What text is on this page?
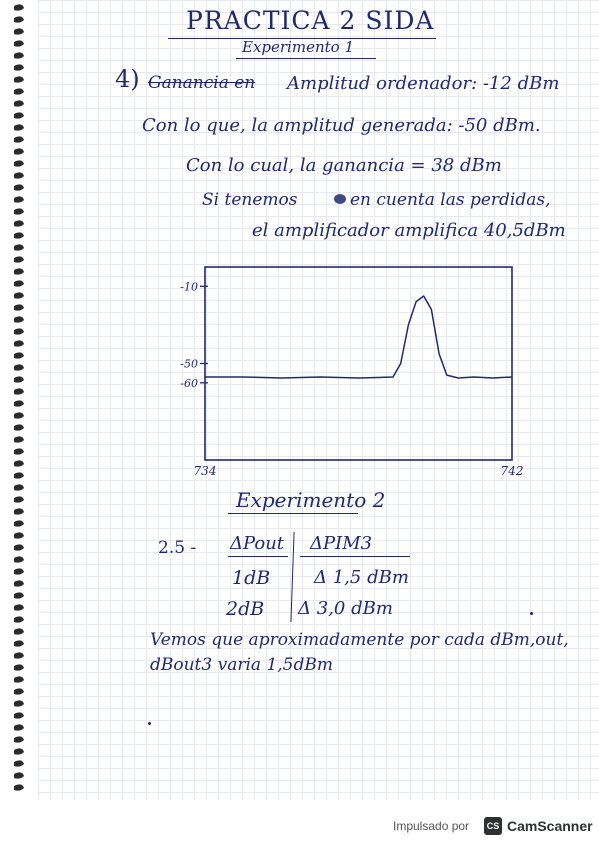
PRACTICA 2 SIDA
Experimento 1
4) Ganancia en Amplitud ordenador: -12 dBm
Con lo que, la amplitud generada: -50 dBm.
Con lo cual, la ganancia = 38 dBm
Si tenemos	en cuenta las perdidas,
el amplificador amplifica 40,5dBm
-10
-50
-60
734	742
Experimento 2
2.5 - ΔPout ΔPIM3
1dB Δ 1,5 dBm
2dB Δ 3,0 dBm
Vemos que aproximadamente por cada dBm,out,
dBout3 varia 1,5dBm
Impulsado por	CS CamScanner
